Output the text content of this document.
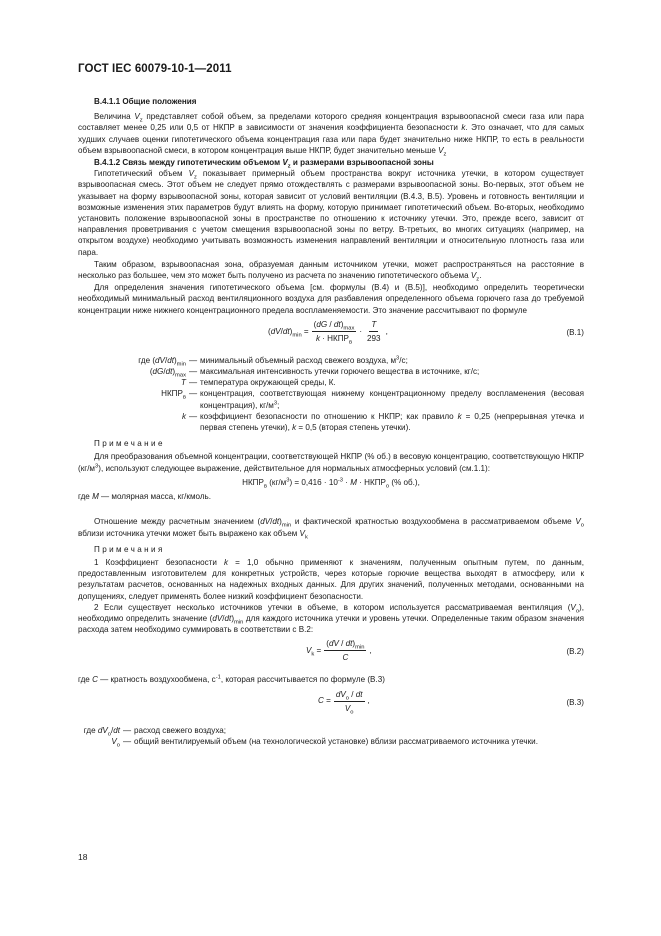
ГОСТ IEC 60079-10-1—2011
В.4.1.1 Общие положения

Величина $V_z$ представляет собой объем, за пределами которого средняя концентрация взрывоопасной смеси газа или пара составляет менее 0,25 или 0,5 от НКПР в зависимости от значения коэффициента безопасности k. Это означает, что для самых худших случаев оценки гипотетического объема концентрация газа или пара будет значительно ниже НКПР, то есть в реальности объем взрывоопасной смеси, в котором концентрация выше НКПР, будет значительно меньше $V_z$

В.4.1.2 Связь между гипотетическим объемом $V_z$ и размерами взрывоопасной зоны

Гипотетический объем $V_z$ показывает примерный объем пространства вокруг источника утечки, в котором существует взрывоопасная смесь. Этот объем не следует прямо отождествлять с размерами взрывоопасной зоны. Во-первых, этот объем не указывает на форму взрывоопасной зоны, которая зависит от условий вентиляции (В.4.3, В.5). Уровень и готовность вентиляции и возможные изменения этих параметров будут влиять на форму, которую принимает гипотетический объем. Во-вторых, необходимо установить положение взрывоопасной зоны в пространстве по отношению к источнику утечки. Это, прежде всего, зависит от направления проветривания с учетом смещения взрывоопасной зоны по ветру. В-третьих, во многих ситуациях (например, на открытом воздухе) необходимо учитывать возможность изменения направлений вентиляции и относительную плотность газа или пара.

Таким образом, взрывоопасная зона, образуемая данным источником утечки, может распространяться на расстояние в несколько раз большее, чем это может быть получено из расчета по значению гипотетического объема $V_z$.

Для определения значения гипотетического объема [см. формулы (В.4) и (В.5)], необходимо определить теоретически необходимый минимальный расход вентиляционного воздуха для разбавления определенного объема горючего газа до требуемой концентрации ниже нижнего концентрационного предела воспламеняемости. Это значение рассчитывают по формуле

$(dV/dt)_{min} = \frac{(dG / dt)_{max}}{k \cdot НКПР_в} \cdot \frac{T}{293}$ ,	(В.1)
где $(dV/dt)_{min}$ — минимальный объемный расход свежего воздуха, $м^3/с$;
$(dG/dt)_{max}$ — максимальная интенсивность утечки горючего вещества в источнике, кг/с;
T — температура окружающей среды, К.
$НКПР_в$ — концентрация, соответствующая нижнему концентрационному пределу воспламенения (весовая концентрация), $кг/м^3$;
k — коэффициент безопасности по отношению к НКПР; как правило k = 0,25 (непрерывная утечка и первая степень утечки), k = 0,5 (вторая степень утечки).
Примечание

Для преобразования объемной концентрации, соответствующей НКПР (% об.) в весовую концентрацию, соответствующую НКПР $(кг/м^3)$, используют следующее выражение, действительное для нормальных атмосферных условий (см.1.1):

$НКПР_в$ $(кг/м^3) = 0,416 \cdot 10^{-3} \cdot M$ · $НКПР_о$ (% об.),
где M — молярная масса, кг/кмоль.

Отношение между расчетным значением $(dV/dt)_{min}$ и фактической кратностью воздухообмена в рассматриваемом объеме $V_о$ вблизи источника утечки может быть выражено как объем $V_k$

Примечания

1 Коэффициент безопасности k = 1,0 обычно применяют к значениям, полученным опытным путем, по данным, предоставленным изготовителем для конкретных устройств, через которые горючие вещества выходят в атмосферу, или к результатам расчетов, основанных на надежных входных данных. Для других значений, полученных методами, основанными на допущениях, следует применять более низкий коэффициент безопасности.

2 Если существует несколько источников утечки в объеме, в котором используется рассматриваемая вентиляция $(V_о)$, необходимо определить значение $(dV/dt)_{min}$ для каждого источника утечки и уровень утечки. Определенные таким образом значения расхода затем необходимо суммировать в соответствии с В.2:

$V_k = \frac{(dV / dt)_{min}}{C}$ ,	(В.2)
где C — кратность воздухообмена, $с^{-1}$, которая рассчитывается по формуле (В.3)
$C = \frac{dV_o / dt}{V_o}$ ,	(В.3)
где $dV_o/dt$ — расход свежего воздуха;
$V_o$ — общий вентилируемый объем (на технологической установке) вблизи рассматриваемого источника утечки.
18
